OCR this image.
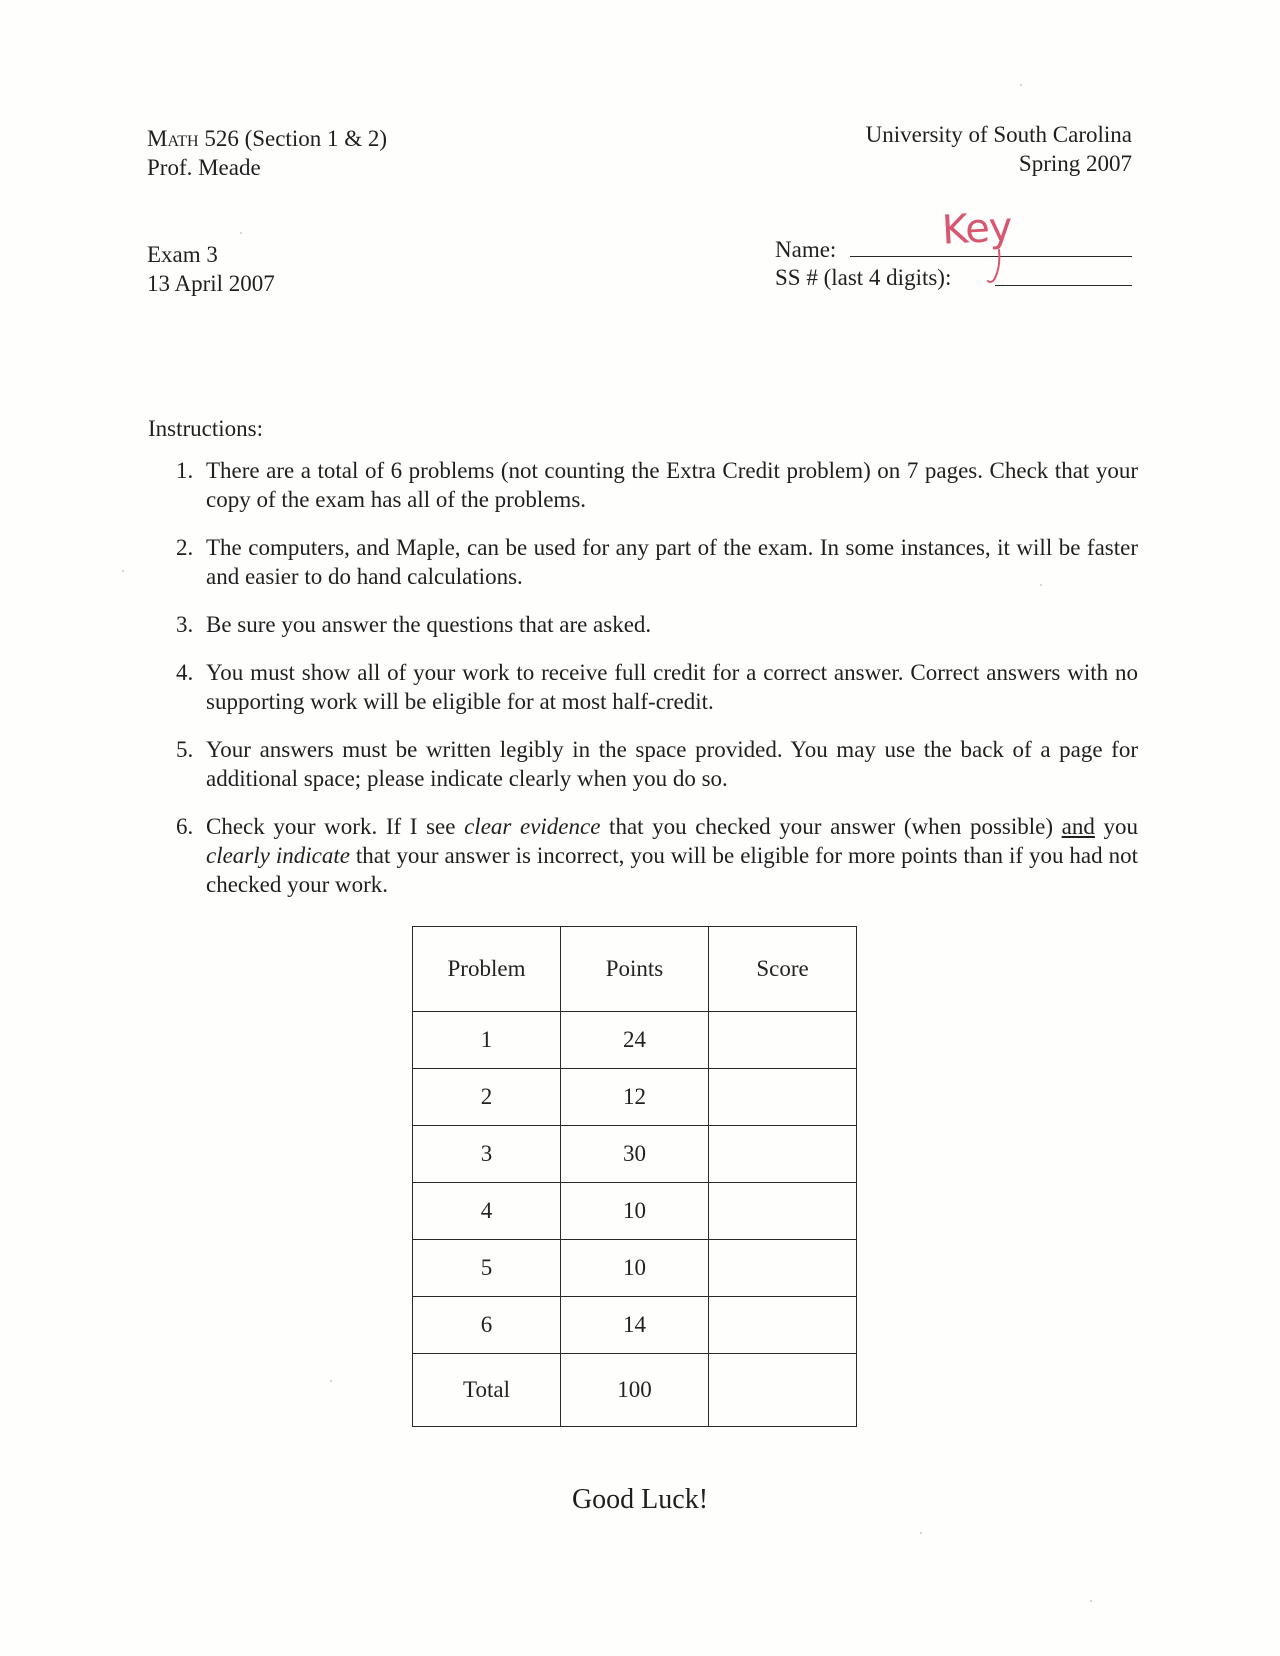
Math 526 (Section 1 & 2)
Prof. Meade
University of South Carolina
Spring 2007
Exam 3
13 April 2007
Name:	Key
SS # (last 4 digits):
Instructions:
1. There are a total of 6 problems (not counting the Extra Credit problem) on 7 pages. Check that your copy of the exam has all of the problems.
2. The computers, and Maple, can be used for any part of the exam. In some instances, it will be faster and easier to do hand calculations.
3. Be sure you answer the questions that are asked.
4. You must show all of your work to receive full credit for a correct answer. Correct answers with no supporting work will be eligible for at most half-credit.
5. Your answers must be written legibly in the space provided. You may use the back of a page for additional space; please indicate clearly when you do so.
6. Check your work. If I see clear evidence that you checked your answer (when possible) and you clearly indicate that your answer is incorrect, you will be eligible for more points than if you had not checked your work.
Problem	Points	Score
1	24	
2	12	
3	30	
4	10	
5	10	
6	14	
Total	100	
Good Luck!
